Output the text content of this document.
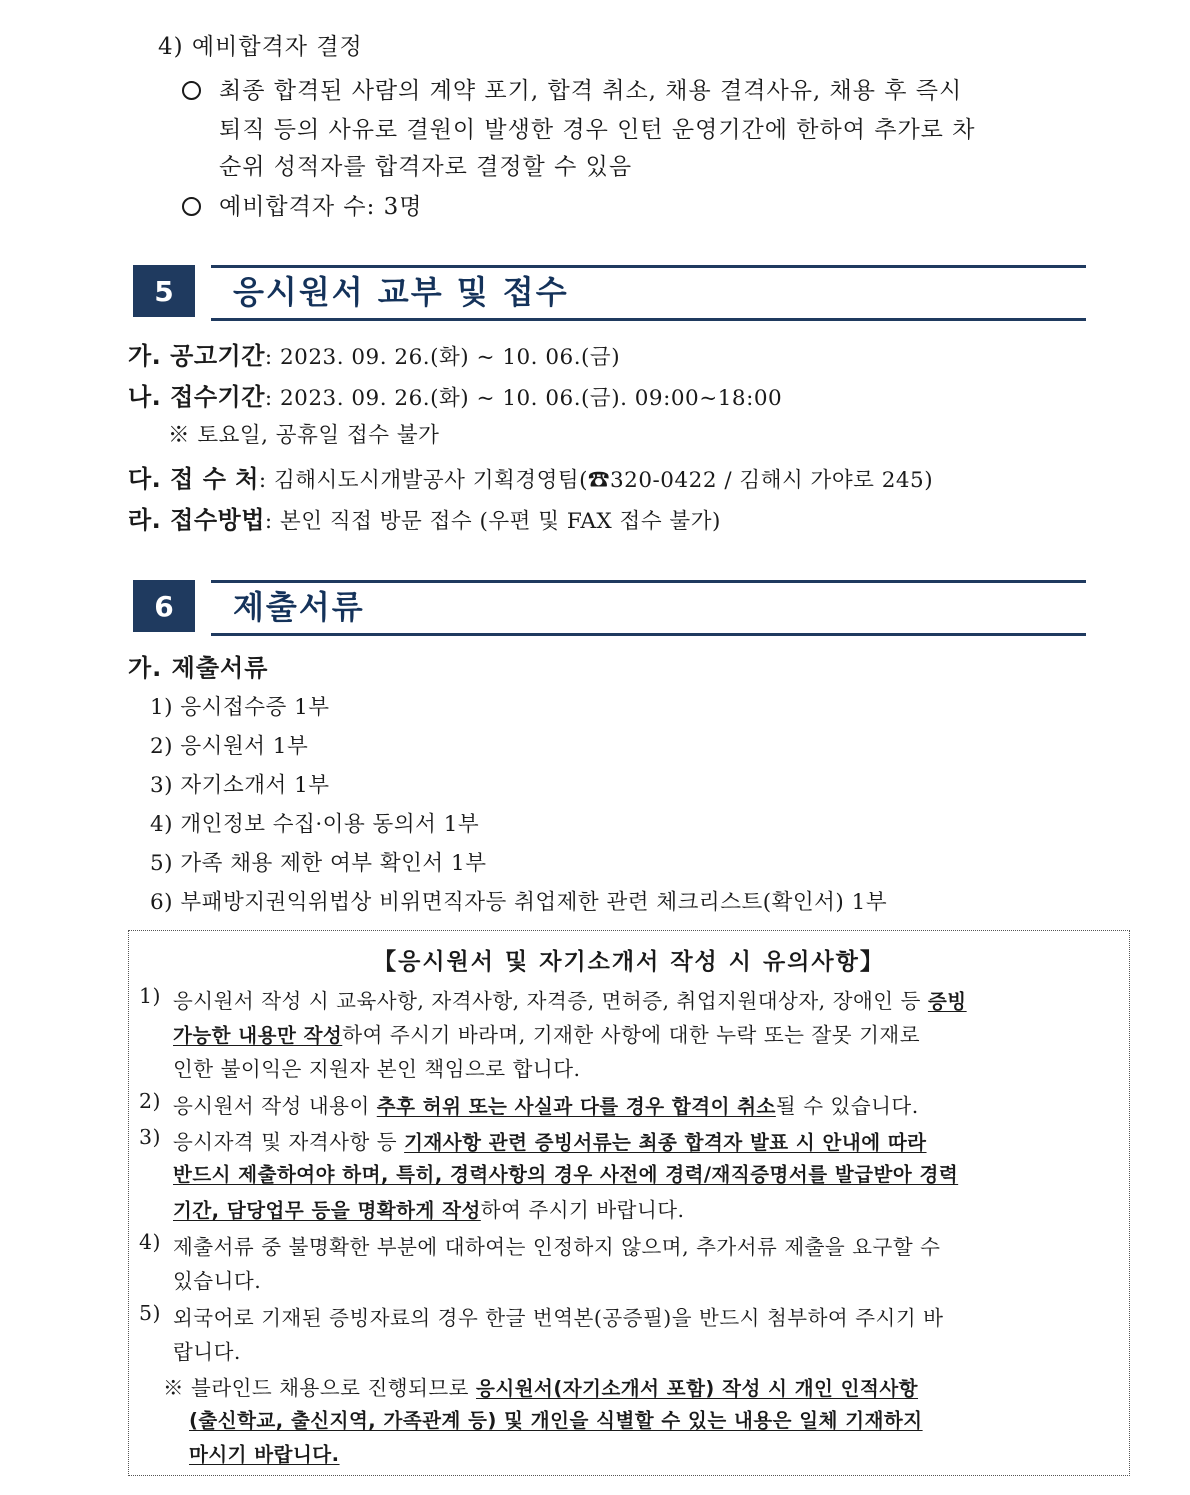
4) 예비합격자 결정
최종 합격된 사람의 계약 포기, 합격 취소, 채용 결격사유, 채용 후 즉시
퇴직 등의 사유로 결원이 발생한 경우 인턴 운영기간에 한하여 추가로 차
순위 성적자를 합격자로 결정할 수 있음
예비합격자 수: 3명
5	응시원서 교부 및 접수
가. 공고기간: 2023. 09. 26.(화) ~ 10. 06.(금)
나. 접수기간: 2023. 09. 26.(화) ~ 10. 06.(금). 09:00~18:00
※ 토요일, 공휴일 접수 불가
다. 접 수 처: 김해시도시개발공사 기획경영팀(☎320-0422 / 김해시 가야로 245)
라. 접수방법: 본인 직접 방문 접수 (우편 및 FAX 접수 불가)
6	제출서류
가. 제출서류
1) 응시접수증 1부
2) 응시원서 1부
3) 자기소개서 1부
4) 개인정보 수집·이용 동의서 1부
5) 가족 채용 제한 여부 확인서 1부
6) 부패방지권익위법상 비위면직자등 취업제한 관련 체크리스트(확인서) 1부
【응시원서 및 자기소개서 작성 시 유의사항】
1) 응시원서 작성 시 교육사항, 자격사항, 자격증, 면허증, 취업지원대상자, 장애인 등 증빙
가능한 내용만 작성하여 주시기 바라며, 기재한 사항에 대한 누락 또는 잘못 기재로
인한 불이익은 지원자 본인 책임으로 합니다.
2) 응시원서 작성 내용이 추후 허위 또는 사실과 다를 경우 합격이 취소될 수 있습니다.
3) 응시자격 및 자격사항 등 기재사항 관련 증빙서류는 최종 합격자 발표 시 안내에 따라
반드시 제출하여야 하며, 특히, 경력사항의 경우 사전에 경력/재직증명서를 발급받아 경력
기간, 담당업무 등을 명확하게 작성하여 주시기 바랍니다.
4) 제출서류 중 불명확한 부분에 대하여는 인정하지 않으며, 추가서류 제출을 요구할 수
있습니다.
5) 외국어로 기재된 증빙자료의 경우 한글 번역본(공증필)을 반드시 첨부하여 주시기 바
랍니다.
※ 블라인드 채용으로 진행되므로 응시원서(자기소개서 포함) 작성 시 개인 인적사항
(출신학교, 출신지역, 가족관계 등) 및 개인을 식별할 수 있는 내용은 일체 기재하지
마시기 바랍니다.
